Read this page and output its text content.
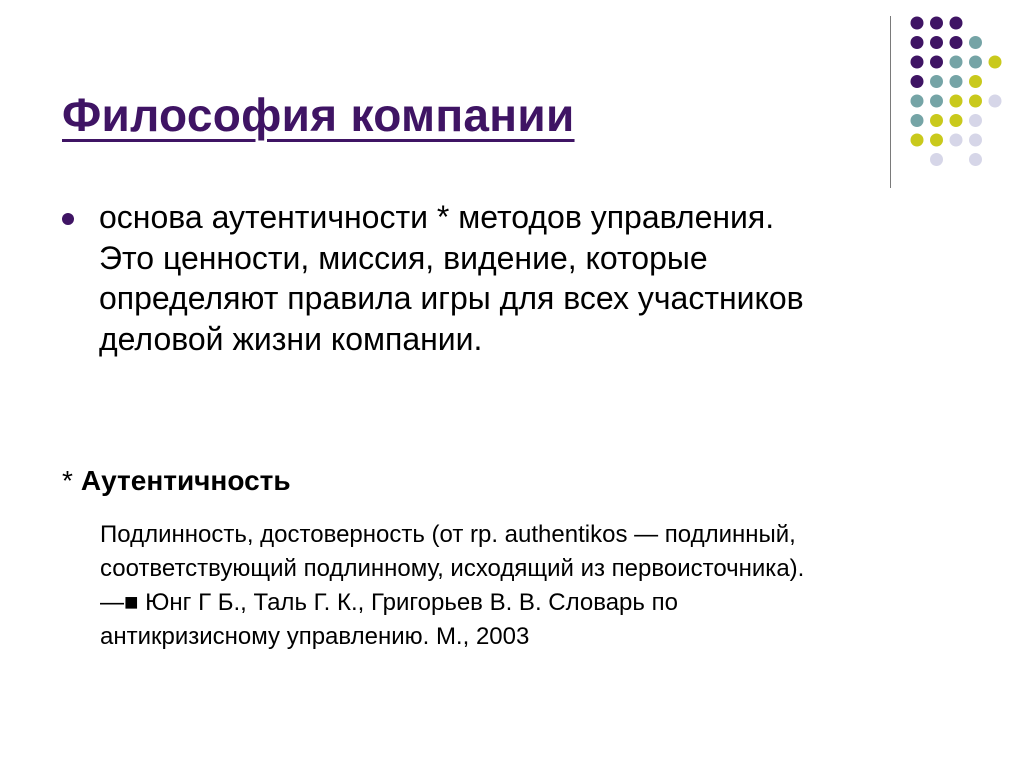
Философия компании
основа аутентичности * методов управления.
Это ценности, миссия, видение, которые
определяют правила игры для всех участников
деловой жизни компании.
* Аутентичность
Подлинность, достоверность (от rp. authentikos — подлинный,
соответствующий подлинному, исходящий из первоисточника).
—■ Юнг Г Б., Таль Г. К., Григорьев В. В. Словарь по
антикризисному управлению. М., 2003
